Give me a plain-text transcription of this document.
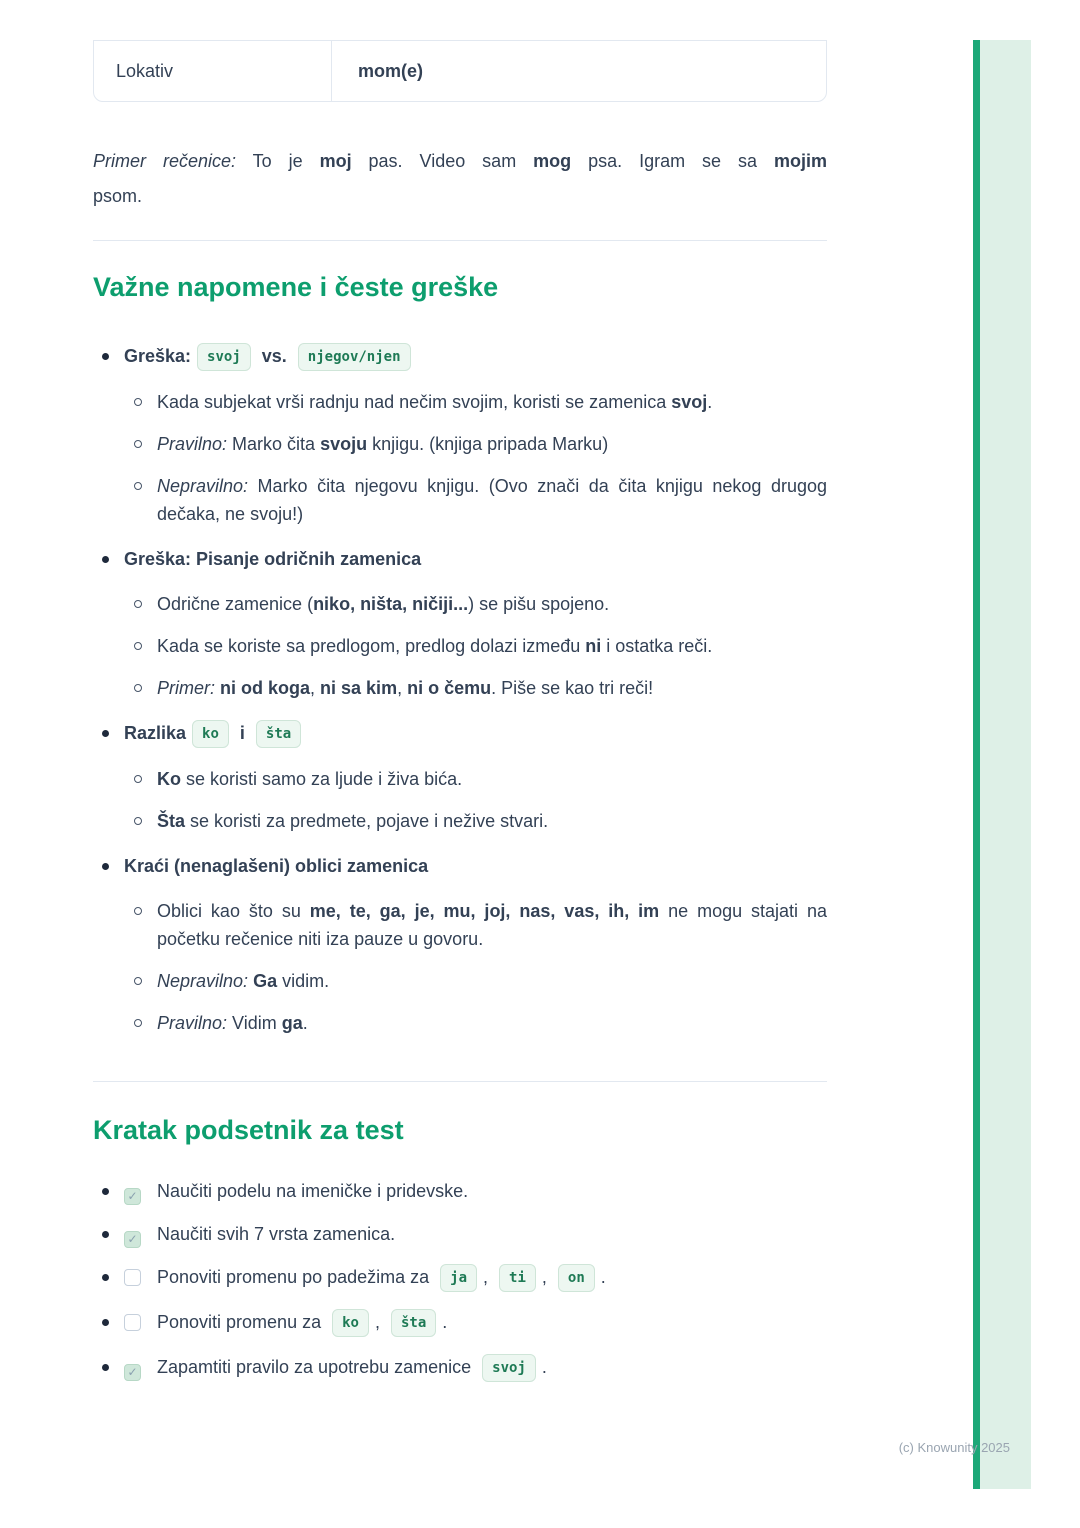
Lokativ	mom(e)
Primer rečenice: To je moj pas. Video sam mog psa. Igram se sa mojim
psom.
Važne napomene i česte greške
Greška: svoj vs. njegov/njen
Kada subjekat vrši radnju nad nečim svojim, koristi se zamenica svoj.
Pravilno: Marko čita svoju knjigu. (knjiga pripada Marku)
Nepravilno: Marko čita njegovu knjigu. (Ovo znači da čita knjigu nekog drugog dečaka, ne svoju!)
Greška: Pisanje odričnih zamenica
Odrične zamenice (niko, ništa, ničiji...) se pišu spojeno.
Kada se koriste sa predlogom, predlog dolazi između ni i ostatka reči.
Primer: ni od koga, ni sa kim, ni o čemu. Piše se kao tri reči!
Razlika ko i šta
Ko se koristi samo za ljude i živa bića.
Šta se koristi za predmete, pojave i nežive stvari.
Kraći (nenaglašeni) oblici zamenica
Oblici kao što su me, te, ga, je, mu, joj, nas, vas, ih, im ne mogu stajati na početku rečenice niti iza pauze u govoru.
Nepravilno: Ga vidim.
Pravilno: Vidim ga.
Kratak podsetnik za test
✓ Naučiti podelu na imeničke i pridevske.
✓ Naučiti svih 7 vrsta zamenica.
Ponoviti promenu po padežima za ja , ti , on .
Ponoviti promenu za ko , šta .
✓ Zapamtiti pravilo za upotrebu zamenice svoj .
(c) Knowunity 2025
